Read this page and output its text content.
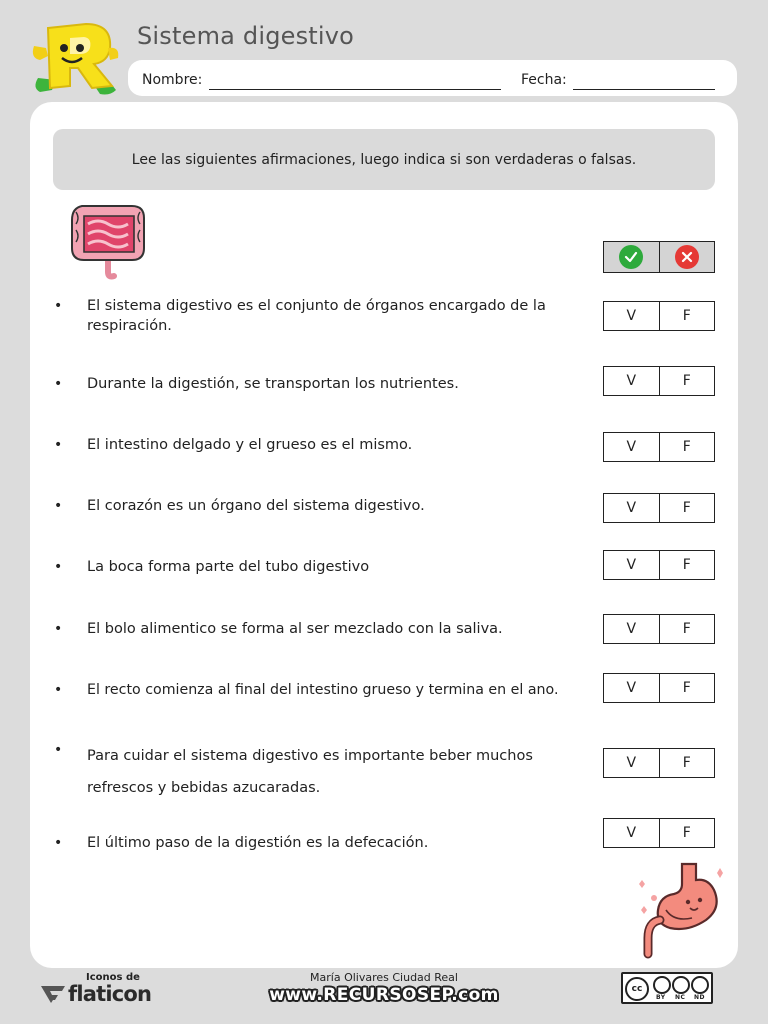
Sistema digestivo
Nombre:	Fecha:
Lee las siguientes afirmaciones, luego indica si son verdaderas o falsas.
• El sistema digestivo es el conjunto de órganos encargado de la respiración.
V	F
• Durante la digestión, se transportan los nutrientes.	V	F
• El intestino delgado y el grueso es el mismo.	V	F
• El corazón es un órgano del sistema digestivo.	V	F
• La boca forma parte del tubo digestivo	V	F
• El bolo alimentico se forma al ser mezclado con la saliva.	V	F
• El recto comienza al final del intestino grueso y termina en el ano.	V	F
• Para cuidar el sistema digestivo es importante beber muchos refrescos y bebidas azucaradas.
V	F
• El último paso de la digestión es la defecación.
V	F
Iconos de
flaticon
María Olivares Ciudad Real
www.RECURSOSEP.com	cc
BY NC ND
